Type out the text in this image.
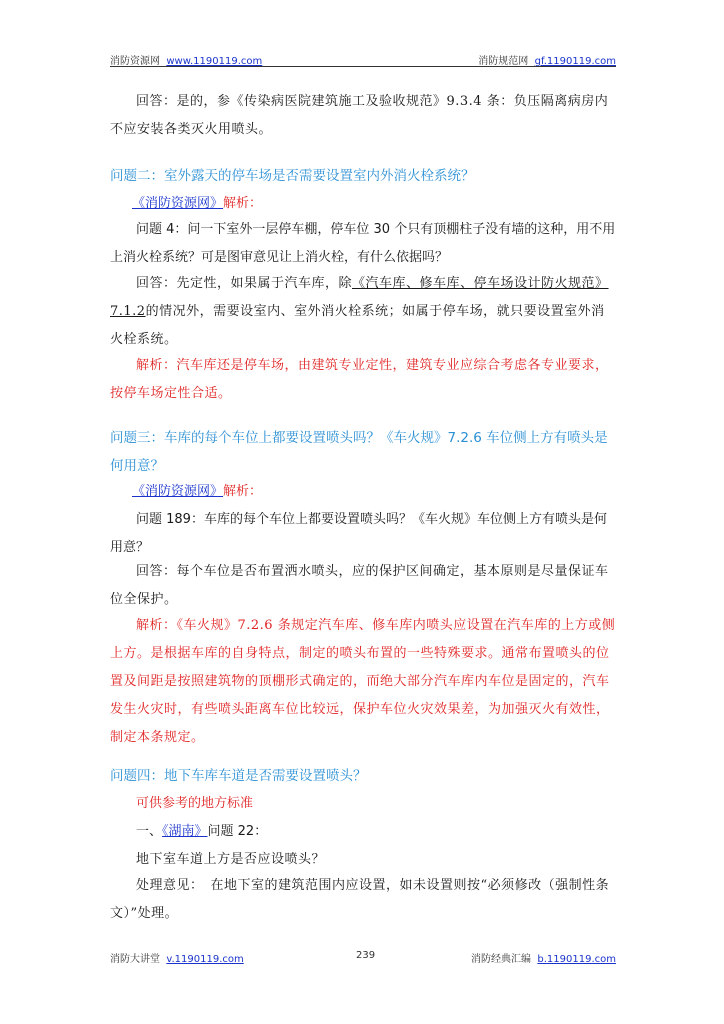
消防资源网 www.1190119.com	消防规范网 gf.1190119.com
回答：是的，参《传染病医院建筑施工及验收规范》9.3.4 条：负压隔离病房内不应安装各类灭火用喷头。
问题二：室外露天的停车场是否需要设置室内外消火栓系统？
《消防资源网》解析：
问题 4：问一下室外一层停车棚，停车位 30 个只有顶棚柱子没有墙的这种，用不用上消火栓系统？可是图审意见让上消火栓，有什么依据吗？
回答：先定性，如果属于汽车库，除《汽车库、修车库、停车场设计防火规范》7.1.2的情况外，需要设室内、室外消火栓系统；如属于停车场，就只要设置室外消火栓系统。
解析：汽车库还是停车场，由建筑专业定性，建筑专业应综合考虑各专业要求，按停车场定性合适。
问题三：车库的每个车位上都要设置喷头吗？《车火规》7.2.6 车位侧上方有喷头是何用意？
《消防资源网》解析：
问题 189：车库的每个车位上都要设置喷头吗？《车火规》车位侧上方有喷头是何用意？
回答：每个车位是否布置洒水喷头，应的保护区间确定，基本原则是尽量保证车位全保护。
解析：《车火规》7.2.6 条规定汽车库、修车库内喷头应设置在汽车库的上方或侧上方。是根据车库的自身特点，制定的喷头布置的一些特殊要求。通常布置喷头的位置及间距是按照建筑物的顶棚形式确定的，而绝大部分汽车库内车位是固定的，汽车发生火灾时，有些喷头距离车位比较远，保护车位火灾效果差，为加强灭火有效性，制定本条规定。
问题四：地下车库车道是否需要设置喷头？
可供参考的地方标准
一、《湖南》问题 22：
地下室车道上方是否应设喷头？
处理意见：　在地下室的建筑范围内应设置，如未设置则按“必须修改（强制性条文）”处理。
消防大讲堂 v.1190119.com	239	消防经典汇编 b.1190119.com
